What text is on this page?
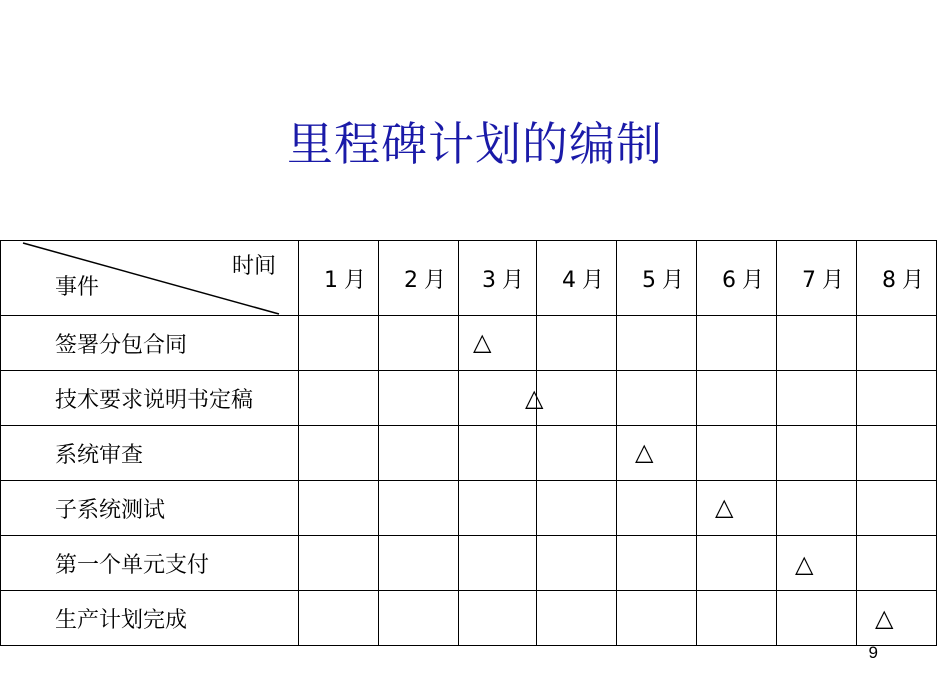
里程碑计划的编制
时间
事件	1月	2月	3月	4月	5月	6月	7月	8月
签署分包合同			△					

技术要求说明书定稿			△					

系统审查					△			

子系统测试						△		

第一个单元支付							△	

生产计划完成								△
9
